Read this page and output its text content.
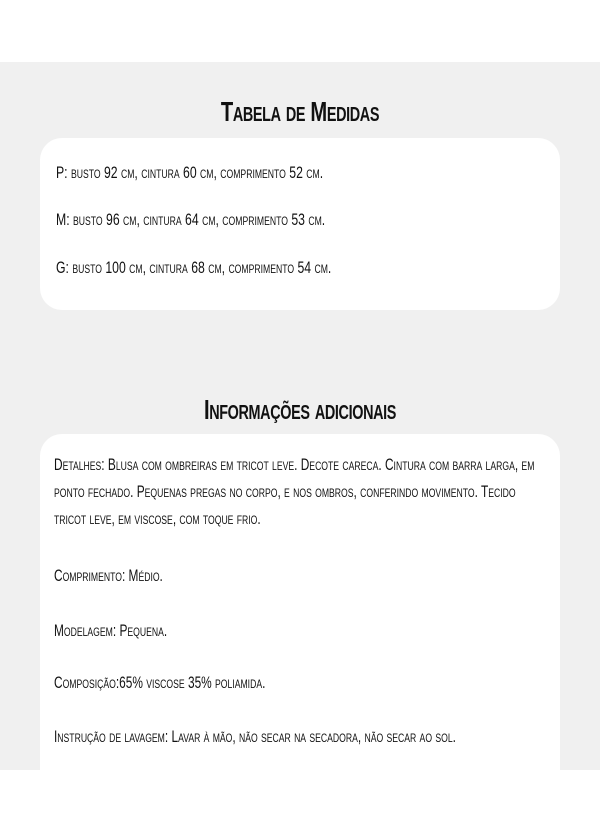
Tabela de Medidas
P: busto 92 cm, cintura 60 cm, comprimento 52 cm.
M: busto 96 cm, cintura 64 cm, comprimento 53 cm.
G: busto 100 cm, cintura 68 cm, comprimento 54 cm.
Informações adicionais
Detalhes: Blusa com ombreiras em tricot leve. Decote careca. Cintura com barra larga, em ponto fechado. Pequenas pregas no corpo, e nos ombros, conferindo movimento. Tecido tricot leve, em viscose, com toque frio.
Comprimento: Médio.
Modelagem: Pequena.
Composição:65% viscose 35% poliamida.
Instrução de lavagem: Lavar à mão, não secar na secadora, não secar ao sol.
